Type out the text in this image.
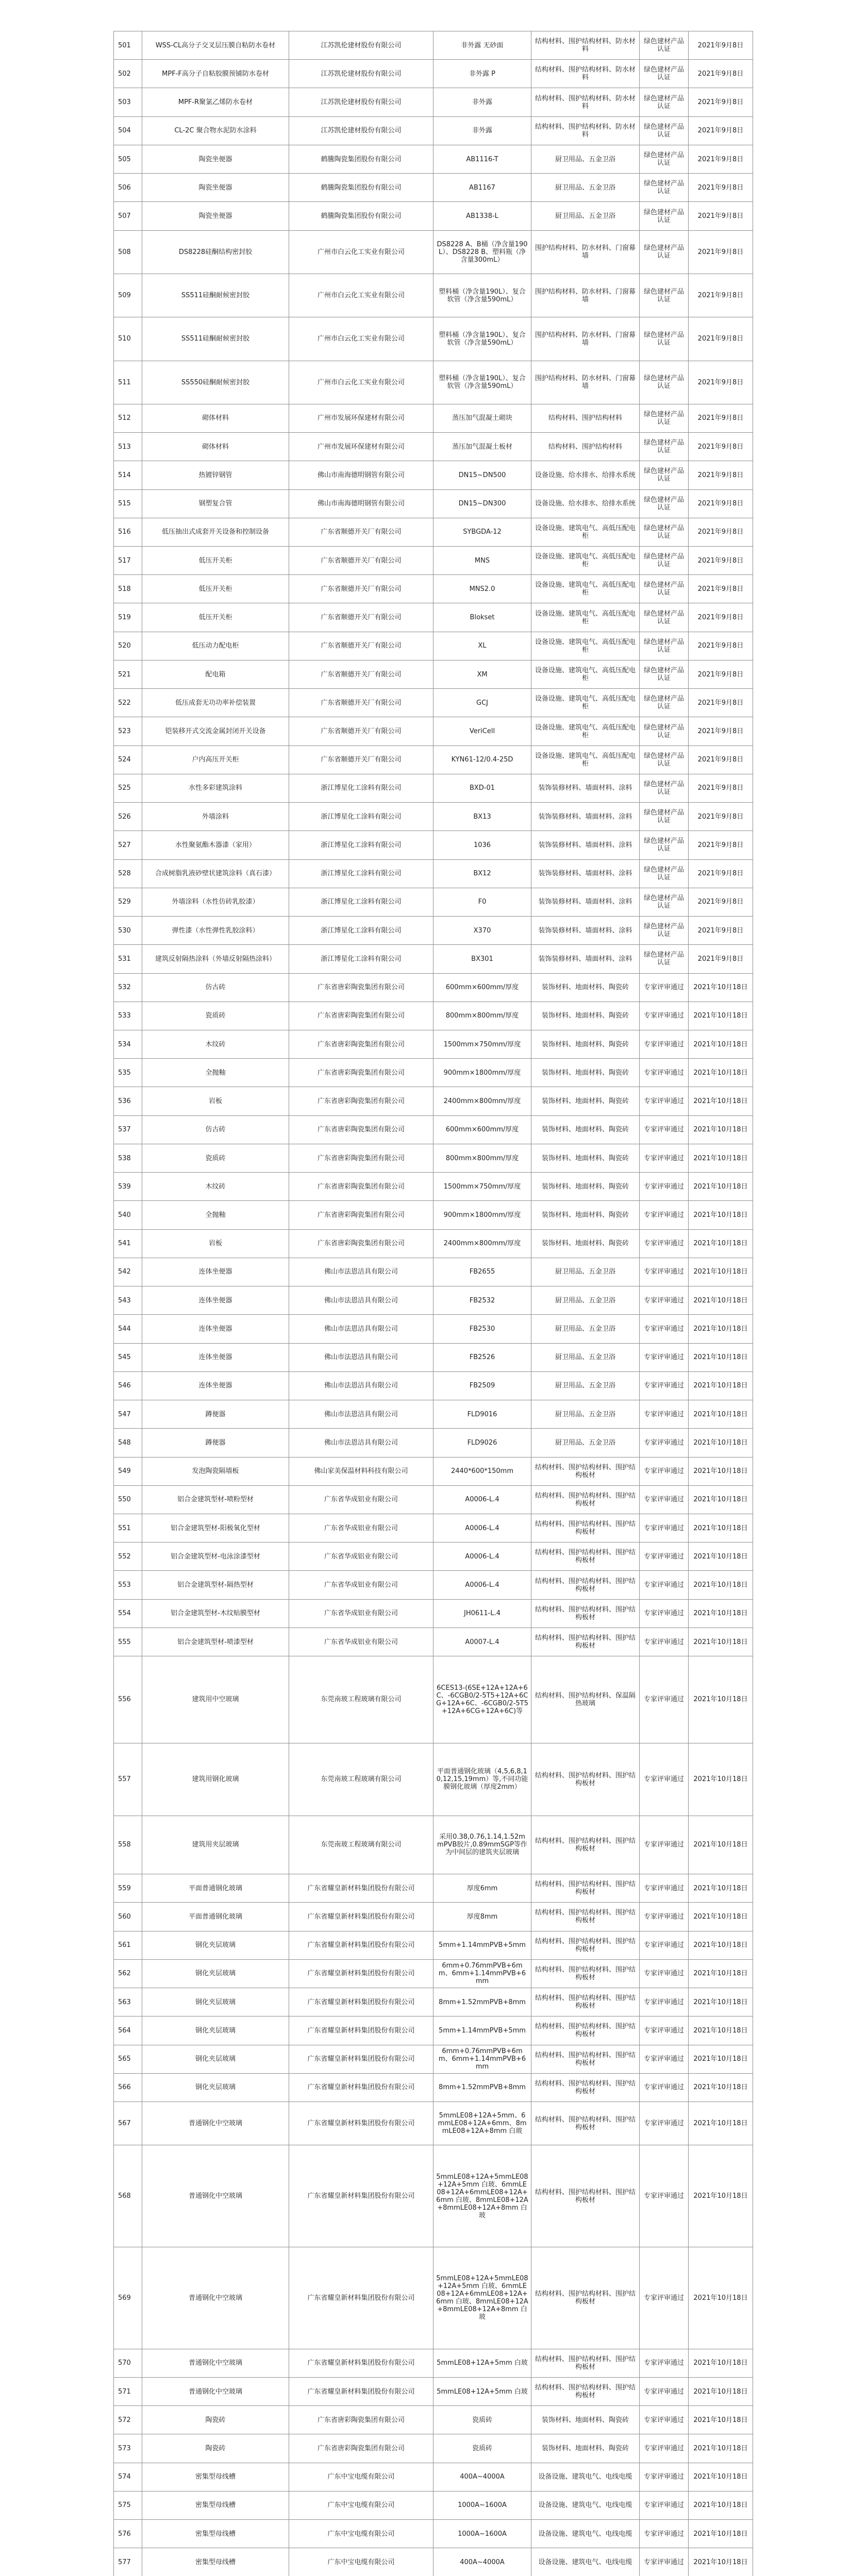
501	WSS-CL高分子交叉层压膜自粘防水卷材	江苏凯伦建材股份有限公司	非外露 无砂面	结构材料、围护结构材料、防水材料	绿色建材产品认证	2021年9月8日
502	MPF-F高分子自粘胶膜预铺防水卷材	江苏凯伦建材股份有限公司	非外露 P	结构材料、围护结构材料、防水材料	绿色建材产品认证	2021年9月8日
503	MPF-R聚氯乙烯防水卷材	江苏凯伦建材股份有限公司	非外露	结构材料、围护结构材料、防水材料	绿色建材产品认证	2021年9月8日
504	CL-2C 聚合物水泥防水涂料	江苏凯伦建材股份有限公司	非外露	结构材料、围护结构材料、防水材料	绿色建材产品认证	2021年9月8日
505	陶瓷坐便器	鹤騰陶瓷集团股份有限公司	AB1116-T	厨卫用品、五金卫浴	绿色建材产品认证	2021年9月8日
506	陶瓷坐便器	鹤騰陶瓷集团股份有限公司	AB1167	厨卫用品、五金卫浴	绿色建材产品认证	2021年9月8日
507	陶瓷坐便器	鹤騰陶瓷集团股份有限公司	AB1338-L	厨卫用品、五金卫浴	绿色建材产品认证	2021年9月8日
508	DS8228硅酮结构密封胶	广州市白云化工实业有限公司	DS8228 A、B桶（净含量190L）、DS8228 B、塑料瓶（净含量300mL）	围护结构材料、防水材料、门窗幕墙	绿色建材产品认证	2021年9月8日
509	SS511硅酮耐候密封胶	广州市白云化工实业有限公司	塑料桶（净含量190L）、复合软管（净含量590mL）	围护结构材料、防水材料、门窗幕墙	绿色建材产品认证	2021年9月8日
510	SS511硅酮耐候密封胶	广州市白云化工实业有限公司	塑料桶（净含量190L）、复合软管（净含量590mL）	围护结构材料、防水材料、门窗幕墙	绿色建材产品认证	2021年9月8日
511	SS550硅酮耐候密封胶	广州市白云化工实业有限公司	塑料桶（净含量190L）、复合软管（净含量590mL）	围护结构材料、防水材料、门窗幕墙	绿色建材产品认证	2021年9月8日
512	砌体材料	广州市发展环保建材有限公司	蒸压加气混凝土砌块	结构材料、围护结构材料	绿色建材产品认证	2021年9月8日
513	砌体材料	广州市发展环保建材有限公司	蒸压加气混凝土板材	结构材料、围护结构材料	绿色建材产品认证	2021年9月8日
514	热镀锌钢管	佛山市南海德明钢管有限公司	DN15~DN500	设备设施、给水排水、给排水系统	绿色建材产品认证	2021年9月8日
515	钢塑复合管	佛山市南海德明钢管有限公司	DN15~DN300	设备设施、给水排水、给排水系统	绿色建材产品认证	2021年9月8日
516	低压抽出式成套开关设备和控制设备	广东省顺德开关厂有限公司	SYBGDA-12	设备设施、建筑电气、高低压配电柜	绿色建材产品认证	2021年9月8日
517	低压开关柜	广东省顺德开关厂有限公司	MNS	设备设施、建筑电气、高低压配电柜	绿色建材产品认证	2021年9月8日
518	低压开关柜	广东省顺德开关厂有限公司	MNS2.0	设备设施、建筑电气、高低压配电柜	绿色建材产品认证	2021年9月8日
519	低压开关柜	广东省顺德开关厂有限公司	Blokset	设备设施、建筑电气、高低压配电柜	绿色建材产品认证	2021年9月8日
520	低压动力配电柜	广东省顺德开关厂有限公司	XL	设备设施、建筑电气、高低压配电柜	绿色建材产品认证	2021年9月8日
521	配电箱	广东省顺德开关厂有限公司	XM	设备设施、建筑电气、高低压配电柜	绿色建材产品认证	2021年9月8日
522	低压成套无功功率补偿装置	广东省顺德开关厂有限公司	GCJ	设备设施、建筑电气、高低压配电柜	绿色建材产品认证	2021年9月8日
523	铠装移开式交流金属封闭开关设备	广东省顺德开关厂有限公司	VeriCell	设备设施、建筑电气、高低压配电柜	绿色建材产品认证	2021年9月8日
524	户内高压开关柜	广东省顺德开关厂有限公司	KYN61-12/0.4-25D	设备设施、建筑电气、高低压配电柜	绿色建材产品认证	2021年9月8日
525	水性多彩建筑涂料	浙江博星化工涂料有限公司	BXD-01	装饰装修材料、墙面材料、涂料	绿色建材产品认证	2021年9月8日
526	外墙涂料	浙江博星化工涂料有限公司	BX13	装饰装修材料、墙面材料、涂料	绿色建材产品认证	2021年9月8日
527	水性聚氨酯木器漆（家用）	浙江博星化工涂料有限公司	1036	装饰装修材料、墙面材料、涂料	绿色建材产品认证	2021年9月8日
528	合成树脂乳液砂壁状建筑涂料（真石漆）	浙江博星化工涂料有限公司	BX12	装饰装修材料、墙面材料、涂料	绿色建材产品认证	2021年9月8日
529	外墙涂料（水性仿砖乳胶漆）	浙江博星化工涂料有限公司	F0	装饰装修材料、墙面材料、涂料	绿色建材产品认证	2021年9月8日
530	弹性漆（水性弹性乳胶涂料）	浙江博星化工涂料有限公司	X370	装饰装修材料、墙面材料、涂料	绿色建材产品认证	2021年9月8日
531	建筑反射隔热涂料（外墙反射隔热涂料）	浙江博星化工涂料有限公司	BX301	装饰装修材料、墙面材料、涂料	绿色建材产品认证	2021年9月8日
532	仿古砖	广东省唐彩陶瓷集团有限公司	600mm×600mm/厚度	装饰材料、地面材料、陶瓷砖	专家评审通过	2021年10月18日
533	瓷质砖	广东省唐彩陶瓷集团有限公司	800mm×800mm/厚度	装饰材料、地面材料、陶瓷砖	专家评审通过	2021年10月18日
534	木纹砖	广东省唐彩陶瓷集团有限公司	1500mm×750mm/厚度	装饰材料、地面材料、陶瓷砖	专家评审通过	2021年10月18日
535	全抛釉	广东省唐彩陶瓷集团有限公司	900mm×1800mm/厚度	装饰材料、地面材料、陶瓷砖	专家评审通过	2021年10月18日
536	岩板	广东省唐彩陶瓷集团有限公司	2400mm×800mm/厚度	装饰材料、地面材料、陶瓷砖	专家评审通过	2021年10月18日
537	仿古砖	广东省唐彩陶瓷集团有限公司	600mm×600mm/厚度	装饰材料、地面材料、陶瓷砖	专家评审通过	2021年10月18日
538	瓷质砖	广东省唐彩陶瓷集团有限公司	800mm×800mm/厚度	装饰材料、地面材料、陶瓷砖	专家评审通过	2021年10月18日
539	木纹砖	广东省唐彩陶瓷集团有限公司	1500mm×750mm/厚度	装饰材料、地面材料、陶瓷砖	专家评审通过	2021年10月18日
540	全抛釉	广东省唐彩陶瓷集团有限公司	900mm×1800mm/厚度	装饰材料、地面材料、陶瓷砖	专家评审通过	2021年10月18日
541	岩板	广东省唐彩陶瓷集团有限公司	2400mm×800mm/厚度	装饰材料、地面材料、陶瓷砖	专家评审通过	2021年10月18日
542	连体坐便器	佛山市法恩洁具有限公司	FB2655	厨卫用品、五金卫浴	专家评审通过	2021年10月18日
543	连体坐便器	佛山市法恩洁具有限公司	FB2532	厨卫用品、五金卫浴	专家评审通过	2021年10月18日
544	连体坐便器	佛山市法恩洁具有限公司	FB2530	厨卫用品、五金卫浴	专家评审通过	2021年10月18日
545	连体坐便器	佛山市法恩洁具有限公司	FB2526	厨卫用品、五金卫浴	专家评审通过	2021年10月18日
546	连体坐便器	佛山市法恩洁具有限公司	FB2509	厨卫用品、五金卫浴	专家评审通过	2021年10月18日
547	蹲便器	佛山市法恩洁具有限公司	FLD9016	厨卫用品、五金卫浴	专家评审通过	2021年10月18日
548	蹲便器	佛山市法恩洁具有限公司	FLD9026	厨卫用品、五金卫浴	专家评审通过	2021年10月18日
549	发泡陶瓷隔墙板	佛山家美保温材料科技有限公司	2440*600*150mm	结构材料、围护结构材料、围护结构板材	专家评审通过	2021年10月18日
550	铝合金建筑型材-喷粉型材	广东省华成铝业有限公司	A0006-L.4	结构材料、围护结构材料、围护结构板材	专家评审通过	2021年10月18日
551	铝合金建筑型材-阳极氧化型材	广东省华成铝业有限公司	A0006-L.4	结构材料、围护结构材料、围护结构板材	专家评审通过	2021年10月18日
552	铝合金建筑型材-电泳涂漆型材	广东省华成铝业有限公司	A0006-L.4	结构材料、围护结构材料、围护结构板材	专家评审通过	2021年10月18日
553	铝合金建筑型材-隔热型材	广东省华成铝业有限公司	A0006-L.4	结构材料、围护结构材料、围护结构板材	专家评审通过	2021年10月18日
554	铝合金建筑型材-木纹贴膜型材	广东省华成铝业有限公司	JH0611-L.4	结构材料、围护结构材料、围护结构板材	专家评审通过	2021年10月18日
555	铝合金建筑型材-喷漆型材	广东省华成铝业有限公司	A0007-L.4	结构材料、围护结构材料、围护结构板材	专家评审通过	2021年10月18日
556	建筑用中空玻璃	东莞南玻工程玻璃有限公司	6CES13-(6SE+12A+12A+6C、-6CGB0/2-5T5+12A+6CG+12A+6C、-6CGB0/2-5T5+12A+6CG+12A+6C)等	结构材料、围护结构材料、保温隔热玻璃	专家评审通过	2021年10月18日
557	建筑用钢化玻璃	东莞南玻工程玻璃有限公司	平面普通钢化玻璃（4,5,6,8,10,12,15,19mm）等,不同功能膜钢化玻璃（厚度2mm）	结构材料、围护结构材料、围护结构板材	专家评审通过	2021年10月18日
558	建筑用夹层玻璃	东莞南玻工程玻璃有限公司	采用0.38,0.76,1.14,1.52mmPVB胶片,0.89mmSGP等作为中间层的建筑夹层玻璃	结构材料、围护结构材料、围护结构板材	专家评审通过	2021年10月18日
559	平面普通钢化玻璃	广东省耀皇新材料集团股份有限公司	厚度6mm	结构材料、围护结构材料、围护结构板材	专家评审通过	2021年10月18日
560	平面普通钢化玻璃	广东省耀皇新材料集团股份有限公司	厚度8mm	结构材料、围护结构材料、围护结构板材	专家评审通过	2021年10月18日
561	钢化夹层玻璃	广东省耀皇新材料集团股份有限公司	5mm+1.14mmPVB+5mm	结构材料、围护结构材料、围护结构板材	专家评审通过	2021年10月18日
562	钢化夹层玻璃	广东省耀皇新材料集团股份有限公司	6mm+0.76mmPVB+6mm、6mm+1.14mmPVB+6mm	结构材料、围护结构材料、围护结构板材	专家评审通过	2021年10月18日
563	钢化夹层玻璃	广东省耀皇新材料集团股份有限公司	8mm+1.52mmPVB+8mm	结构材料、围护结构材料、围护结构板材	专家评审通过	2021年10月18日
564	钢化夹层玻璃	广东省耀皇新材料集团股份有限公司	5mm+1.14mmPVB+5mm	结构材料、围护结构材料、围护结构板材	专家评审通过	2021年10月18日
565	钢化夹层玻璃	广东省耀皇新材料集团股份有限公司	6mm+0.76mmPVB+6mm、6mm+1.14mmPVB+6mm	结构材料、围护结构材料、围护结构板材	专家评审通过	2021年10月18日
566	钢化夹层玻璃	广东省耀皇新材料集团股份有限公司	8mm+1.52mmPVB+8mm	结构材料、围护结构材料、围护结构板材	专家评审通过	2021年10月18日
567	普通钢化中空玻璃	广东省耀皇新材料集团股份有限公司	5mmLE08+12A+5mm、6mmLE08+12A+6mm、8mmLE08+12A+8mm 白玻	结构材料、围护结构材料、围护结构板材	专家评审通过	2021年10月18日
568	普通钢化中空玻璃	广东省耀皇新材料集团股份有限公司	5mmLE08+12A+5mmLE08+12A+5mm 白玻、6mmLE08+12A+6mmLE08+12A+6mm 白玻、8mmLE08+12A+8mmLE08+12A+8mm 白玻	结构材料、围护结构材料、围护结构板材	专家评审通过	2021年10月18日
569	普通钢化中空玻璃	广东省耀皇新材料集团股份有限公司	5mmLE08+12A+5mmLE08+12A+5mm 白玻、6mmLE08+12A+6mmLE08+12A+6mm 白玻、8mmLE08+12A+8mmLE08+12A+8mm 白玻	结构材料、围护结构材料、围护结构板材	专家评审通过	2021年10月18日
570	普通钢化中空玻璃	广东省耀皇新材料集团股份有限公司	5mmLE08+12A+5mm 白玻	结构材料、围护结构材料、围护结构板材	专家评审通过	2021年10月18日
571	普通钢化中空玻璃	广东省耀皇新材料集团股份有限公司	5mmLE08+12A+5mm 白玻	结构材料、围护结构材料、围护结构板材	专家评审通过	2021年10月18日
572	陶瓷砖	广东省唐彩陶瓷集团有限公司	瓷质砖	装饰材料、地面材料、陶瓷砖	专家评审通过	2021年10月18日
573	陶瓷砖	广东省唐彩陶瓷集团有限公司	瓷质砖	装饰材料、地面材料、陶瓷砖	专家评审通过	2021年10月18日
574	密集型母线槽	广东中宝电缆有限公司	400A~4000A	设备设施、建筑电气、电线电缆	专家评审通过	2021年10月18日
575	密集型母线槽	广东中宝电缆有限公司	1000A~1600A	设备设施、建筑电气、电线电缆	专家评审通过	2021年10月18日
576	密集型母线槽	广东中宝电缆有限公司	1000A~1600A	设备设施、建筑电气、电线电缆	专家评审通过	2021年10月18日
577	密集型母线槽	广东中宝电缆有限公司	400A~4000A	设备设施、建筑电气、电线电缆	专家评审通过	2021年10月18日
